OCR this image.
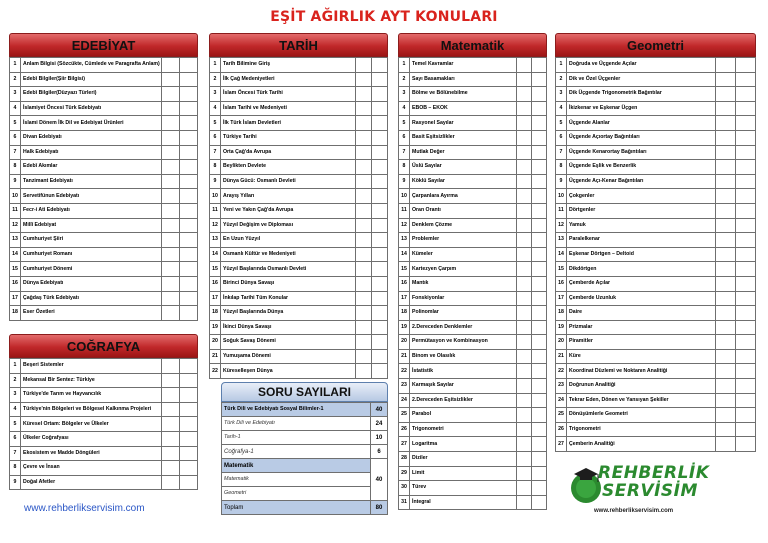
EŞİT AĞIRLIK AYT KONULARI
EDEBİYAT
1	Anlam Bilgisi (Sözcükte, Cümlede ve Paragrafta Anlam)		
2	Edebî Bilgiler(Şiir Bilgisi)		
3	Edebî Bilgiler(Düzyazı Türleri)		
4	İslamiyet Öncesi Türk Edebiyatı		
5	İslami Dönem İlk Dil ve Edebiyat Ürünleri		
6	Divan Edebiyatı		
7	Halk Edebiyatı		
8	Edebî Akımlar		
9	Tanzimant Edebiyatı		
10	Servetifünun Edebiyatı		
11	Fecr-i Ati Edebiyatı		
12	Millî Edebiyat		
13	Cumhuriyet Şiiri		
14	Cumhuriyet Romanı		
15	Cumhuriyet Dönemi		
16	Dünya Edebiyatı		
17	Çağdaş Türk Edebiyatı		
18	Eser Özetleri		
COĞRAFYA
1	Beşeri Sistemler		
2	Mekansal Bir Sentez: Türkiye		
3	Türkiye'de Tarım ve Hayvancılık		
4	Türkiye'nin Bölgeleri ve Bölgesel Kalkınma Projeleri		
5	Küresel Ortam: Bölgeler ve Ülkeler		
6	Ülkeler Coğrafyası		
7	Ekosistem ve Madde Döngüleri		
8	Çevre ve İnsan		
9	Doğal Afetler		
TARİH
1	Tarih Bilimine Giriş		
2	İlk Çağ Medeniyetleri		
3	İslam Öncesi Türk Tarihi		
4	İslam Tarihi ve Medeniyeti		
5	İlk Türk İslam Devletleri		
6	Türkiye Tarihi		
7	Orta Çağ'da Avrupa		
8	Beylikten Devlete		
9	Dünya Gücü: Osmanlı Devleti		
10	Arayış Yılları		
11	Yeni ve Yakın Çağ'da Avrupa		
12	Yüzyıl Değişim ve Diploması		
13	En Uzun Yüzyıl		
14	Osmanlı Kültür ve Medeniyeti		
15	Yüzyıl Başlarında Osmanlı Devleti		
16	Birinci Dünya Savaşı		
17	İnkılap Tarihi Tüm Konular		
18	Yüzyıl Başlarında Dünya		
19	İkinci Dünya Savaşı		
20	Soğuk Savaş Dönemi		
21	Yumuşama Dönemi		
22	Küreselleşen Dünya		
SORU SAYILARI
Türk Dili ve Edebiyatı Sosyal Bilimler-1	40
Türk Dili ve Edebiyatı	24
Tarih-1	10
Coğrafya-1	6
Matematik	40
Matematik	
Geometri	
Toplam	80
Matematik
1	Temel Kavramlar		
2	Sayı Basamakları		
3	Bölme ve Bölünebilme		
4	EBOB – EKOK		
5	Rasyonel Sayılar		
6	Basit Eşitsizlikler		
7	Mutlak Değer		
8	Üslü Sayılar		
9	Köklü Sayılar		
10	Çarpanlara Ayırma		
11	Oran Orantı		
12	Denklem Çözme		
13	Problemler		
14	Kümeler		
15	Kartezyen Çarpım		
16	Mantık		
17	Fonskiyonlar		
18	Polinomlar		
19	2.Dereceden Denklemler		
20	Permütasyon ve Kombinasyon		
21	Binom ve Olasılık		
22	İstatistik		
23	Karmaşık Sayılar		
24	2.Dereceden Eşitsizlikler		
25	Parabol		
26	Trigonometri		
27	Logaritma		
28	Diziler		
29	Limit		
30	Türev		
31	İntegral		
Geometri
1	Doğruda ve Üçgende Açılar		
2	Dik ve Özel Üçgenler		
3	Dik Üçgende Trigonometrik Bağıntılar		
4	İkizkenar ve Eşkenar Üçgen		
5	Üçgende Alanlar		
6	Üçgende Açıortay Bağıntıları		
7	Üçgende Kenarortay Bağıntıları		
8	Üçgende Eşlik ve Benzerlik		
9	Üçgende Açı-Kenar Bağıntıları		
10	Çokgenler		
11	Dörtgenler		
12	Yamuk		
13	Paralelkenar		
14	Eşkenar Dörtgen – Deltoid		
15	Dikdörtgen		
16	Çemberde Açılar		
17	Çemberde Uzunluk		
18	Daire		
19	Prizmalar		
20	Piramitler		
21	Küre		
22	Koordinat Düzlemi ve Noktanın Analitiği		
23	Doğrunun Analitiği		
24	Tekrar Eden, Dönen ve Yansıyan Şekiller		
25	Dönüşümlerle Geometri		
26	Trigonometri		
27	Çemberin Analitiği		
www.rehberlikservisim.com
REHBERLİK
SERVİSİM
www.rehberlikservisim.com
